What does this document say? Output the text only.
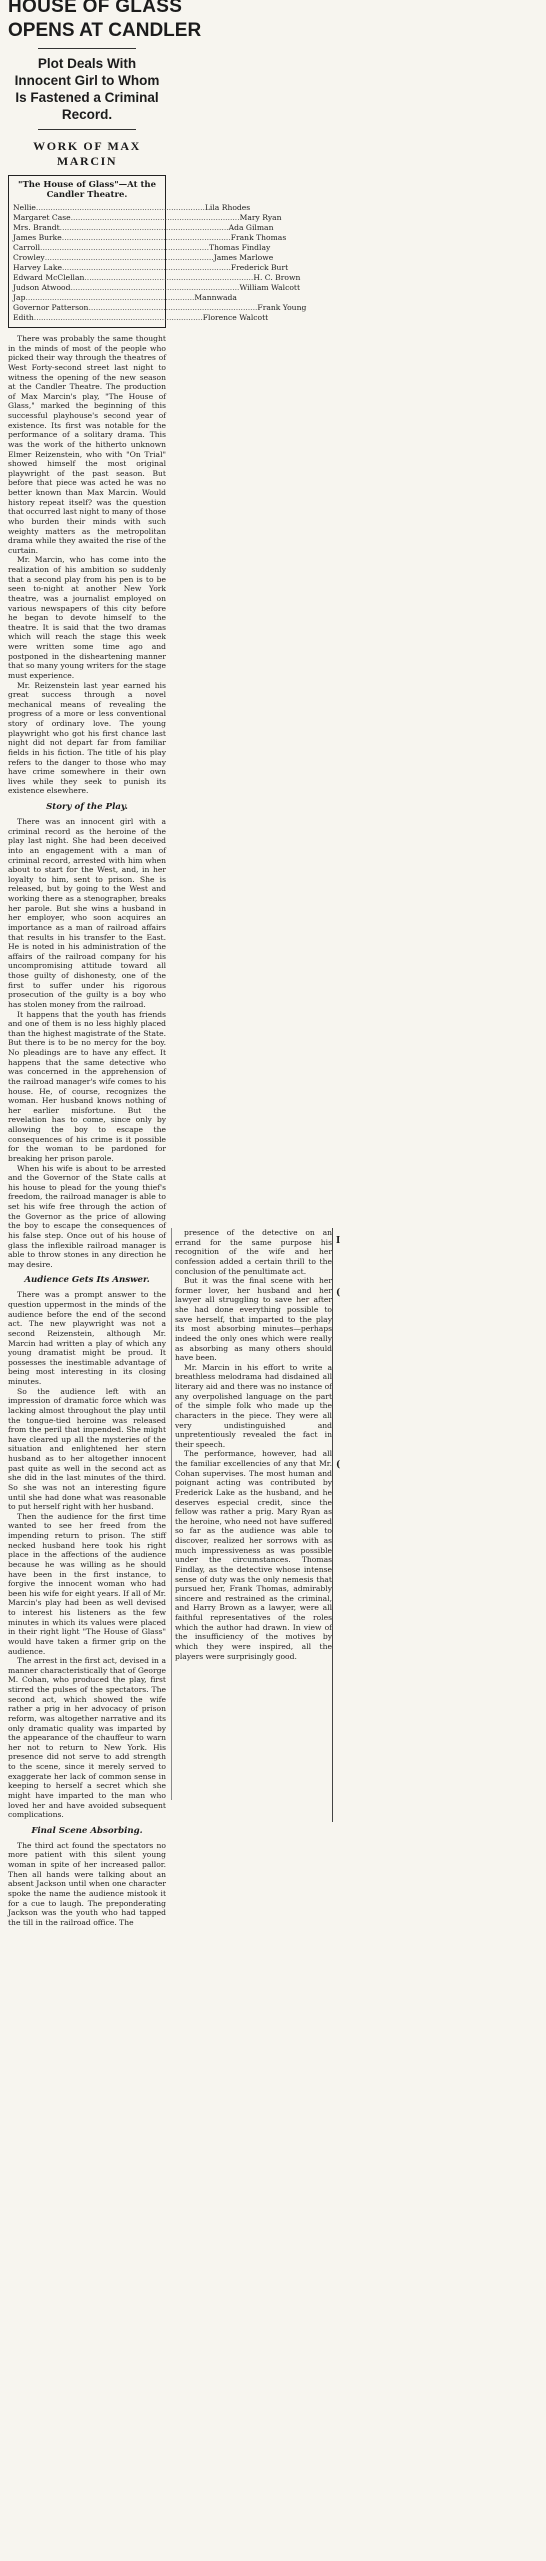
HOUSE OF GLASS
OPENS AT CANDLER
Plot Deals With Innocent Girl to Whom Is Fastened a Criminal Record.
WORK OF MAX MARCIN
"The House of Glass"—At the Candler Theatre.
Nellie .....	Lila Rhodes
Margaret Case .....	Mary Ryan
Mrs. Brandt .....	Ada Gilman
James Burke .....	Frank Thomas
Carroll .....	Thomas Findlay
Crowley .....	James Marlowe
Harvey Lake .....	Frederick Burt
Edward McClellan .....	H. C. Brown
Judson Atwood .....	William Walcott
Jap .....	Mannwada
Governor Patterson .....	Frank Young
Edith .....	Florence Walcott

There was probably the same thought in the minds of most of the people who picked their way through the theatres of West Forty-second street last night to witness the opening of the new season at the Candler Theatre. The production of Max Marcin's play, "The House of Glass," marked the beginning of this successful playhouse's second year of existence. Its first was notable for the performance of a solitary drama. This was the work of the hitherto unknown Elmer Reizenstein, who with "On Trial" showed himself the most original playwright of the past season. But before that piece was acted he was no better known than Max Marcin. Would history repeat itself? was the question that occurred last night to many of those who burden their minds with such weighty matters as the metropolitan drama while they awaited the rise of the curtain.

Mr. Marcin, who has come into the realization of his ambition so suddenly that a second play from his pen is to be seen to-night at another New York theatre, was a journalist employed on various newspapers of this city before he began to devote himself to the theatre. It is said that the two dramas which will reach the stage this week were written some time ago and postponed in the disheartening manner that so many young writers for the stage must experience.

Mr. Reizenstein last year earned his great success through a novel mechanical means of revealing the progress of a more or less conventional story of ordinary love. The young playwright who got his first chance last night did not depart far from familiar fields in his fiction. The title of his play refers to the danger to those who may have crime somewhere in their own lives while they seek to punish its existence elsewhere.

Story of the Play.

There was an innocent girl with a criminal record as the heroine of the play last night. She had been deceived into an engagement with a man of criminal record, arrested with him when about to start for the West, and, in her loyalty to him, sent to prison. She is released, but by going to the West and working there as a stenographer, breaks her parole. But she wins a husband in her employer, who soon acquires an importance as a man of railroad affairs that results in his transfer to the East. He is noted in his administration of the affairs of the railroad company for his uncompromising attitude toward all those guilty of dishonesty, one of the first to suffer under his rigorous prosecution of the guilty is a boy who has stolen money from the railroad.

It happens that the youth has friends and one of them is no less highly placed than the highest magistrate of the State. But there is to be no mercy for the boy. No pleadings are to have any effect. It happens that the same detective who was concerned in the apprehension of the railroad manager's wife comes to his house. He, of course, recognizes the woman. Her husband knows nothing of her earlier misfortune. But the revelation has to come, since only by allowing the boy to escape the consequences of his crime is it possible for the woman to be pardoned for breaking her prison parole.

When his wife is about to be arrested and the Governor of the State calls at his house to plead for the young thief's freedom, the railroad manager is able to set his wife free through the action of the Governor as the price of allowing the boy to escape the consequences of his false step. Once out of his house of glass the inflexible railroad manager is able to throw stones in any direction he may desire.

Audience Gets Its Answer.

There was a prompt answer to the question uppermost in the minds of the audience before the end of the second act. The new playwright was not a second Reizenstein, although Mr. Marcin had written a play of which any young dramatist might be proud. It possesses the inestimable advantage of being most interesting in its closing minutes.

So the audience left with an impression of dramatic force which was lacking almost throughout the play until the tongue-tied heroine was released from the peril that impended. She might have cleared up all the mysteries of the situation and enlightened her stern husband as to her altogether innocent past quite as well in the second act as she did in the last minutes of the third. So she was not an interesting figure until she had done what was reasonable to put herself right with her husband.

Then the audience for the first time wanted to see her freed from the impending return to prison. The stiff necked husband here took his right place in the affections of the audience because he was willing as he should have been in the first instance, to forgive the innocent woman who had been his wife for eight years. If all of Mr. Marcin's play had been as well devised to interest his listeners as the few minutes in which its values were placed in their right light "The House of Glass" would have taken a firmer grip on the audience.

The arrest in the first act, devised in a manner characteristically that of George M. Cohan, who produced the play, first stirred the pulses of the spectators. The second act, which showed the wife rather a prig in her advocacy of prison reform, was altogether narrative and its only dramatic quality was imparted by the appearance of the chauffeur to warn her not to return to New York. His presence did not serve to add strength to the scene, since it merely served to exaggerate her lack of common sense in keeping to herself a secret which she might have imparted to the man who loved her and have avoided subsequent complications.

Final Scene Absorbing.

The third act found the spectators no more patient with this silent young woman in spite of her increased pallor. Then all hands were talking about an absent Jackson until when one character spoke the name the audience mistook it for a cue to laugh. The preponderating Jackson was the youth who had tapped the till in the railroad office. The

presence of the detective on an errand for the same purpose his recognition of the wife and her confession added a certain thrill to the conclusion of the penultimate act.

But it was the final scene with her former lover, her husband and her lawyer all struggling to save her after she had done everything possible to save herself, that imparted to the play its most absorbing minutes—perhaps indeed the only ones which were really as absorbing as many others should have been.

Mr. Marcin in his effort to write a breathless melodrama had disdained all literary aid and there was no instance of any overpolished language on the part of the simple folk who made up the characters in the piece. They were all very undistinguished and unpretentiously revealed the fact in their speech.

The performance, however, had all the familiar excellencies of any that Mr. Cohan supervises. The most human and poignant acting was contributed by Frederick Lake as the husband, and he deserves especial credit, since the fellow was rather a prig. Mary Ryan as the heroine, who need not have suffered so far as the audience was able to discover, realized her sorrows with as much impressiveness as was possible under the circumstances. Thomas Findlay, as the detective whose intense sense of duty was the only nemesis that pursued her, Frank Thomas, admirably sincere and restrained as the criminal, and Harry Brown as a lawyer, were all faithful representatives of the roles which the author had drawn. In view of the insufficiency of the motives by which they were inspired, all the players were surprisingly good.

I
(
(
